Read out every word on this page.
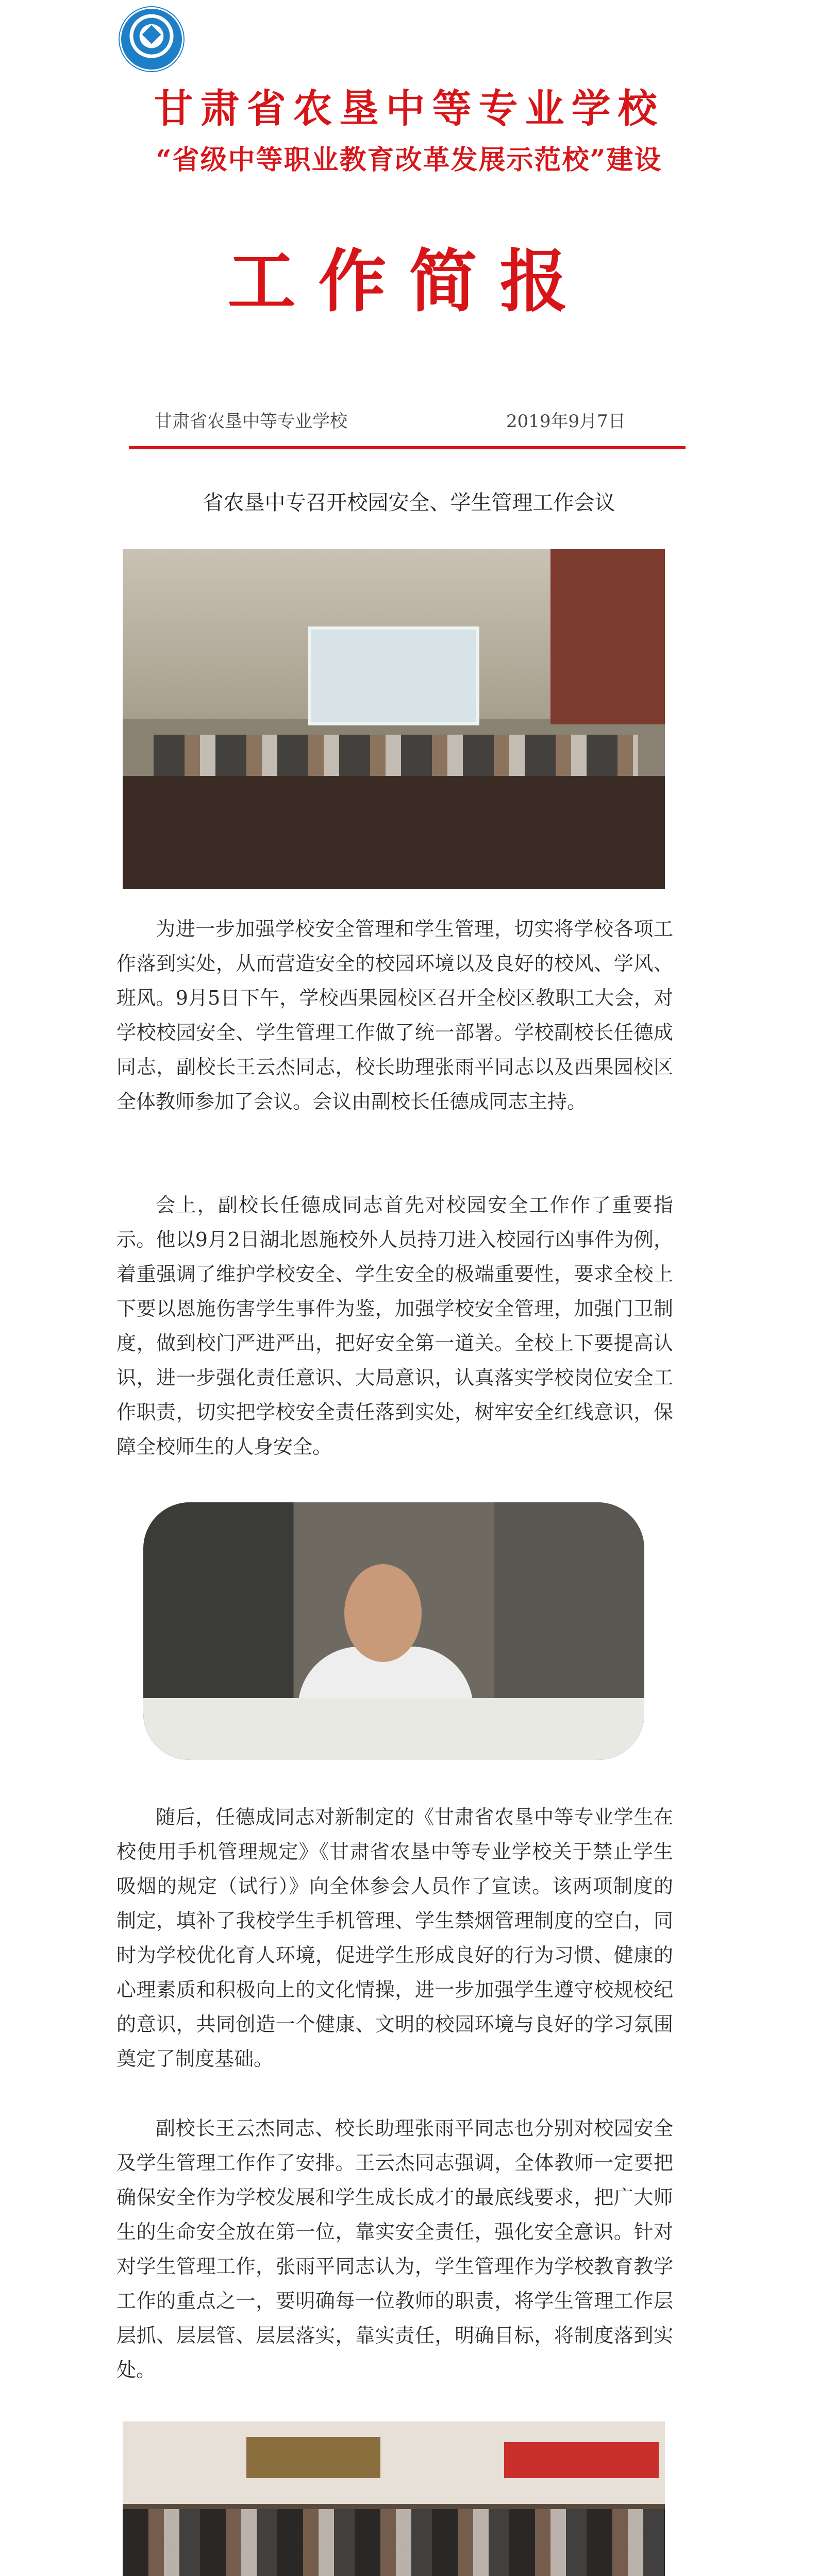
甘肃省农垦中等专业学校
“省级中等职业教育改革发展示范校”建设
工作简报
甘肃省农垦中等专业学校	2019年9月7日
省农垦中专召开校园安全、学生管理工作会议

为进一步加强学校安全管理和学生管理，切实将学校各项工作落到实处，从而营造安全的校园环境以及良好的校风、学风、班风。9月5日下午，学校西果园校区召开全校区教职工大会，对学校校园安全、学生管理工作做了统一部署。学校副校长任德成同志，副校长王云杰同志，校长助理张雨平同志以及西果园校区全体教师参加了会议。会议由副校长任德成同志主持。

会上，副校长任德成同志首先对校园安全工作作了重要指示。他以9月2日湖北恩施校外人员持刀进入校园行凶事件为例，着重强调了维护学校安全、学生安全的极端重要性，要求全校上下要以恩施伤害学生事件为鉴，加强学校安全管理，加强门卫制度，做到校门严进严出，把好安全第一道关。全校上下要提高认识，进一步强化责任意识、大局意识，认真落实学校岗位安全工作职责，切实把学校安全责任落到实处，树牢安全红线意识，保障全校师生的人身安全。

随后，任德成同志对新制定的《甘肃省农垦中等专业学生在校使用手机管理规定》《甘肃省农垦中等专业学校关于禁止学生吸烟的规定（试行）》向全体参会人员作了宣读。该两项制度的制定，填补了我校学生手机管理、学生禁烟管理制度的空白，同时为学校优化育人环境，促进学生形成良好的行为习惯、健康的心理素质和积极向上的文化情操，进一步加强学生遵守校规校纪的意识，共同创造一个健康、文明的校园环境与良好的学习氛围奠定了制度基础。

副校长王云杰同志、校长助理张雨平同志也分别对校园安全及学生管理工作作了安排。王云杰同志强调，全体教师一定要把确保安全作为学校发展和学生成长成才的最底线要求，把广大师生的生命安全放在第一位，靠实安全责任，强化安全意识。针对对学生管理工作，张雨平同志认为，学生管理作为学校教育教学工作的重点之一，要明确每一位教师的职责，将学生管理工作层层抓、层层管、层层落实，靠实责任，明确目标，将制度落到实处。
